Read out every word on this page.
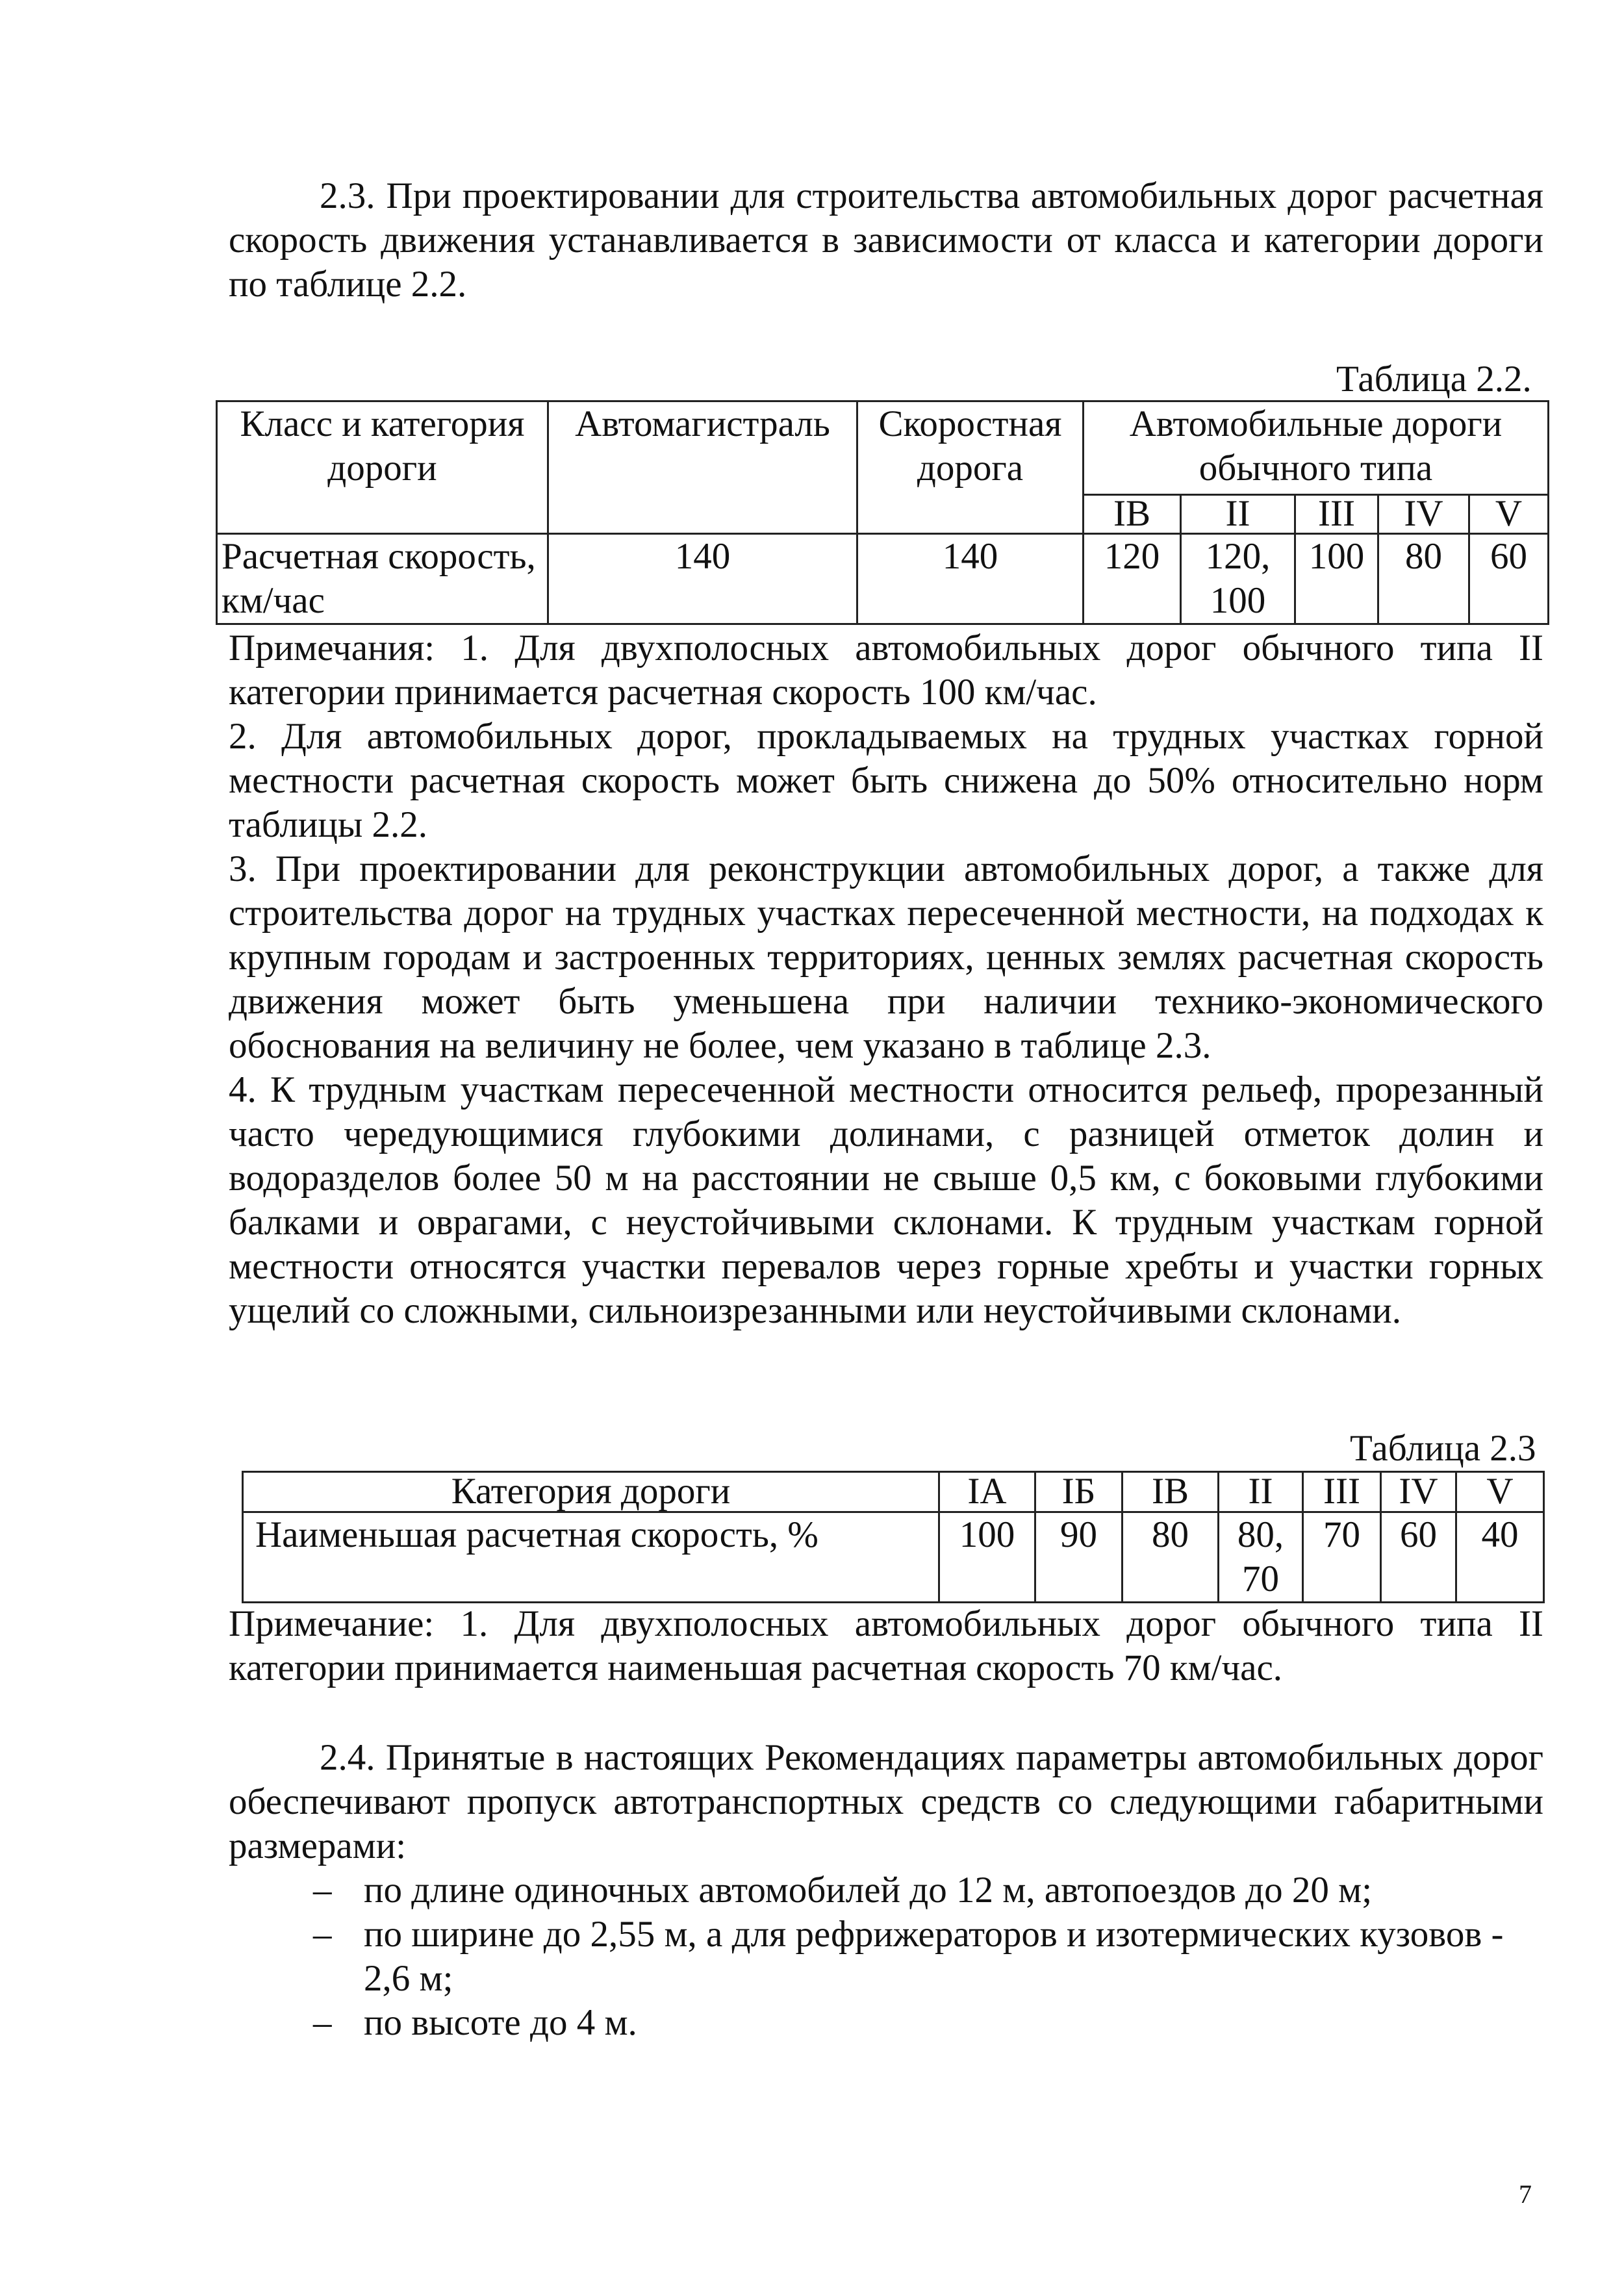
2.3. При проектировании для строительства автомобильных дорог расчетная скорость движения устанавливается в зависимости от класса и категории дороги по таблице 2.2.

Таблица 2.2.
Класс и категория дороги	Автомагистраль	Скоростная дорога	Автомобильные дороги обычного типа				
			IВ	II	III	IV	V
Расчетная скорость, км/час	140	140	120	120, 100	100	80	60

Примечания: 1. Для двухполосных автомобильных дорог обычного типа II категории принимается расчетная скорость 100 км/час.

2. Для автомобильных дорог, прокладываемых на трудных участках горной местности расчетная скорость может быть снижена до 50% относительно норм таблицы 2.2.

3. При проектировании для реконструкции автомобильных дорог, а также для строительства дорог на трудных участках пересеченной местности, на подходах к крупным городам и застроенных территориях, ценных землях расчетная скорость движения может быть уменьшена при наличии технико-экономического обоснования на величину не более, чем указано в таблице 2.3.

4. К трудным участкам пересеченной местности относится рельеф, прорезанный часто чередующимися глубокими долинами, с разницей отметок долин и водоразделов более 50 м на расстоянии не свыше 0,5 км, с боковыми глубокими балками и оврагами, с неустойчивыми склонами. К трудным участкам горной местности относятся участки перевалов через горные хребты и участки горных ущелий со сложными, сильноизрезанными или неустойчивыми склонами.

Таблица 2.3
Категория дороги	IА	IБ	IВ	II	III	IV	V
Наименьшая расчетная скорость, %	100	90	80	80, 70	70	60	40

Примечание: 1. Для двухполосных автомобильных дорог обычного типа II категории принимается наименьшая расчетная скорость 70 км/час.

2.4. Принятые в настоящих Рекомендациях параметры автомобильных дорог обеспечивают пропуск автотранспортных средств со следующими габаритными размерами:

– по длине одиночных автомобилей до 12 м, автопоездов до 20 м;
– по ширине до 2,55 м, а для рефрижераторов и изотермических кузовов - 2,6 м;
– по высоте до 4 м.
7
